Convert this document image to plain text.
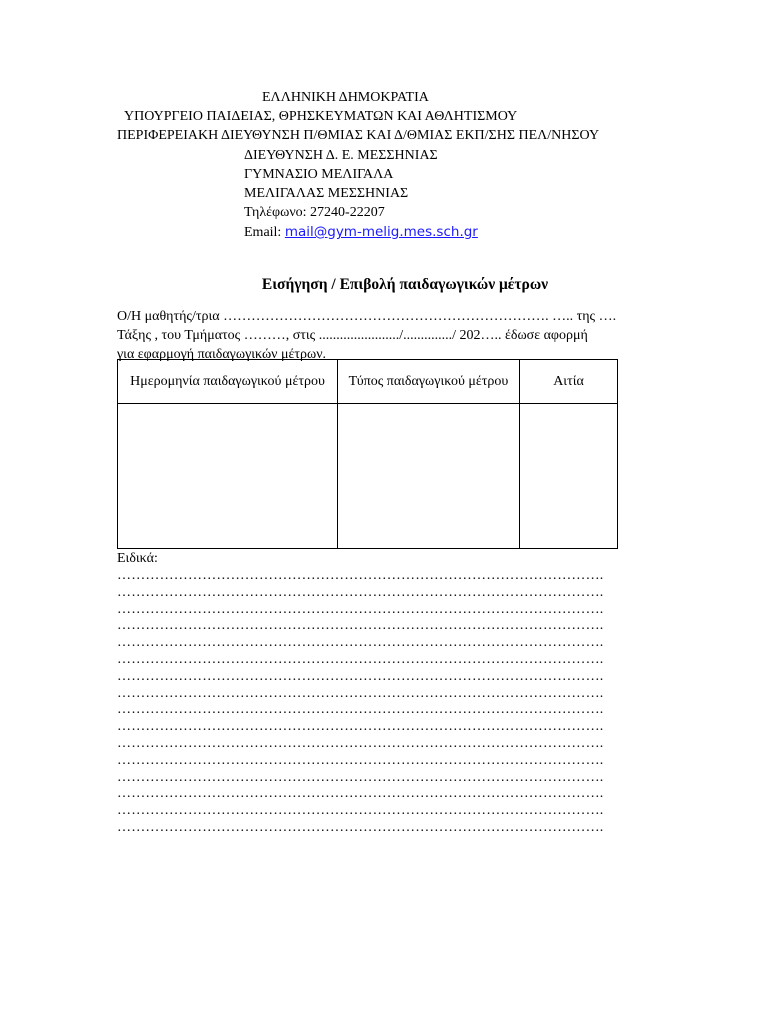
ΕΛΛΗΝΙΚΗ ΔΗΜΟΚΡΑΤΙΑ
ΥΠΟΥΡΓΕΙΟ ΠΑΙΔΕΙΑΣ, ΘΡΗΣΚΕΥΜΑΤΩΝ ΚΑΙ ΑΘΛΗΤΙΣΜΟΥ
ΠΕΡΙΦΕΡΕΙΑΚΗ ΔΙΕΥΘΥΝΣΗ Π/ΘΜΙΑΣ ΚΑΙ Δ/ΘΜΙΑΣ ΕΚΠ/ΣΗΣ ΠΕΛ/ΝΗΣΟΥ
ΔΙΕΥΘΥΝΣΗ Δ. Ε. ΜΕΣΣΗΝΙΑΣ
ΓΥΜΝΑΣΙΟ ΜΕΛΙΓΑΛΑ
ΜΕΛΙΓΑΛΑΣ ΜΕΣΣΗΝΙΑΣ
Τηλέφωνο: 27240-22207
Email: mail@gym-melig.mes.sch.gr
Εισήγηση / Επιβολή παιδαγωγικών μέτρων
Ο/Η μαθητής/τρια ……………………………………………………………. ….. της ….
Τάξης , του Τμήματος ………, στις ......................./............../ 202….. έδωσε αφορμή
για εφαρμογή παιδαγωγικών μέτρων.
Ημερομηνία παιδαγωγικού μέτρου	Τύπος παιδαγωγικού μέτρου	Αιτία

Ειδικά:
………………………………………………………………………………………….
………………………………………………………………………………………….
………………………………………………………………………………………….
………………………………………………………………………………………….
………………………………………………………………………………………….
………………………………………………………………………………………….
………………………………………………………………………………………….
………………………………………………………………………………………….
………………………………………………………………………………………….
………………………………………………………………………………………….
………………………………………………………………………………………….
………………………………………………………………………………………….
………………………………………………………………………………………….
………………………………………………………………………………………….
………………………………………………………………………………………….
………………………………………………………………………………………….
